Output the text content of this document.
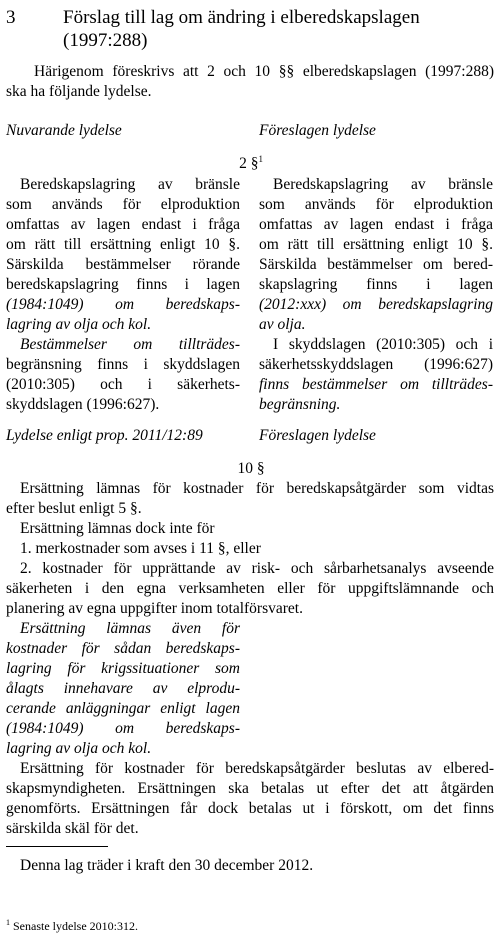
3	Förslag till lag om ändring i elberedskapslagen
(1997:288)
Härigenom föreskrivs att 2 och 10 §§ elberedskapslagen (1997:288)
ska ha följande lydelse.
Nuvarande lydelse	Föreslagen lydelse
2 §$^1$
Beredskapslagring av bränsle
som används för elproduktion
omfattas av lagen endast i fråga
om rätt till ersättning enligt 10 §.
Särskilda bestämmelser rörande
beredskapslagring finns i lagen
(1984:1049) om beredskaps-
lagring av olja och kol.
Bestämmelser om tillträdes-
begränsning finns i skyddslagen
(2010:305) och i säkerhets-
skyddslagen (1996:627).
Beredskapslagring av bränsle
som används för elproduktion
omfattas av lagen endast i fråga
om rätt till ersättning enligt 10 §.
Särskilda bestämmelser om bered-
skapslagring finns i lagen
(2012:xxx) om beredskapslagring
av olja.
I skyddslagen (2010:305) och i
säkerhetsskyddslagen (1996:627)
finns bestämmelser om tillträdes-
begränsning.
Lydelse enligt prop. 2011/12:89	Föreslagen lydelse
10 §
Ersättning lämnas för kostnader för beredskapsåtgärder som vidtas
efter beslut enligt 5 §.
Ersättning lämnas dock inte för
1. merkostnader som avses i 11 §, eller
2. kostnader för upprättande av risk- och sårbarhetsanalys avseende
säkerheten i den egna verksamheten eller för uppgiftslämnande och
planering av egna uppgifter inom totalförsvaret.
Ersättning lämnas även för
kostnader för sådan beredskaps-
lagring för krigssituationer som
ålagts innehavare av elprodu-
cerande anläggningar enligt lagen
(1984:1049) om beredskaps-
lagring av olja och kol.
Ersättning för kostnader för beredskapsåtgärder beslutas av elbered-
skapsmyndigheten. Ersättningen ska betalas ut efter det att åtgärden
genomförts. Ersättningen får dock betalas ut i förskott, om det finns
särskilda skäl för det.
Denna lag träder i kraft den 30 december 2012.
$^1$ Senaste lydelse 2010:312.
